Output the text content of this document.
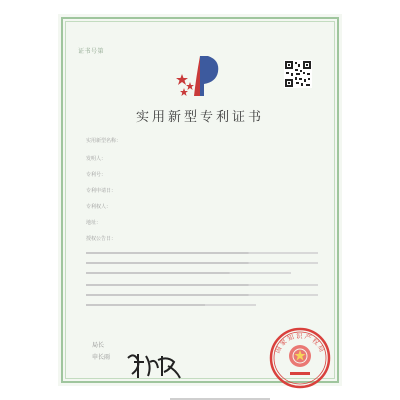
证书号第
实用新型专利证书
实用新型名称：
发明人：
专利号：
专利申请日：
专利权人：
地址：
授权公告日：
局长
申长雨
国家知识产权局
